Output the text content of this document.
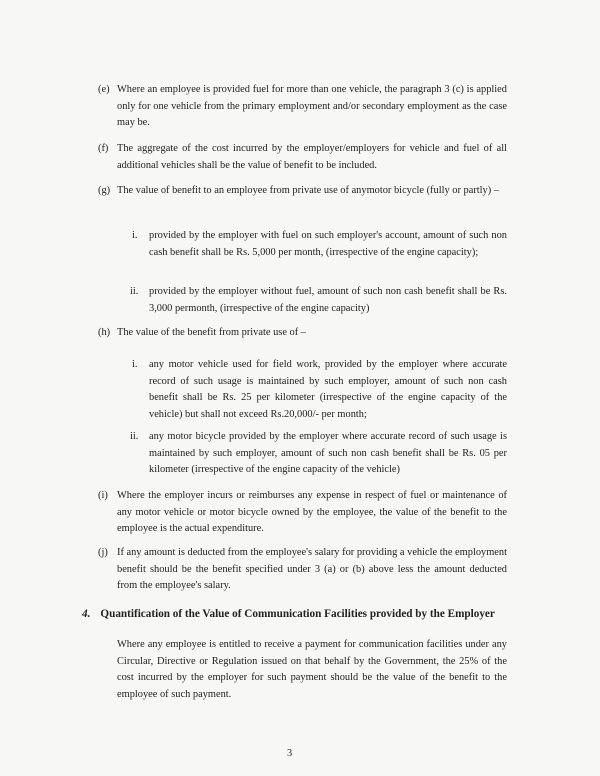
(e) Where an employee is provided fuel for more than one vehicle, the paragraph 3 (c) is applied only for one vehicle from the primary employment and/or secondary employment as the case may be.
(f) The aggregate of the cost incurred by the employer/employers for vehicle and fuel of all additional vehicles shall be the value of benefit to be included.
(g) The value of benefit to an employee from private use of anymotor bicycle (fully or partly) –
i. provided by the employer with fuel on such employer's account, amount of such non cash benefit shall be Rs. 5,000 per month, (irrespective of the engine capacity);
ii. provided by the employer without fuel, amount of such non cash benefit shall be Rs. 3,000 permonth, (irrespective of the engine capacity)
(h) The value of the benefit from private use of –
i. any motor vehicle used for field work, provided by the employer where accurate record of such usage is maintained by such employer, amount of such non cash benefit shall be Rs. 25 per kilometer (irrespective of the engine capacity of the vehicle) but shall not exceed Rs.20,000/- per month;
ii. any motor bicycle provided by the employer where accurate record of such usage is maintained by such employer, amount of such non cash benefit shall be Rs. 05 per kilometer (irrespective of the engine capacity of the vehicle)
(i) Where the employer incurs or reimburses any expense in respect of fuel or maintenance of any motor vehicle or motor bicycle owned by the employee, the value of the benefit to the employee is the actual expenditure.
(j) If any amount is deducted from the employee's salary for providing a vehicle the employment benefit should be the benefit specified under 3 (a) or (b) above less the amount deducted from the employee's salary.
4. Quantification of the Value of Communication Facilities provided by the Employer
Where any employee is entitled to receive a payment for communication facilities under any Circular, Directive or Regulation issued on that behalf by the Government, the 25% of the cost incurred by the employer for such payment should be the value of the benefit to the employee of such payment.
3
